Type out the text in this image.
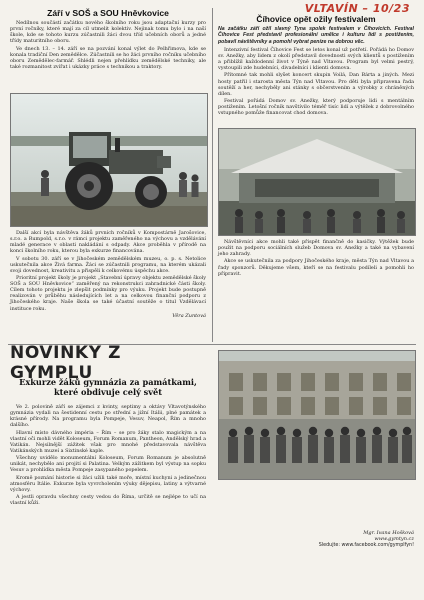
VLTAVÍN – 10/23
Září v SOŠ a SOU Hněvkovice

Nedílnou součástí začátku nového školního roku jsou adaptační kurzy pro první ročníky, které mají za cíl utmelit kolektiv. Nejinak tomu bylo i na naší škole, kde se tohoto kurzu zúčastnili žáci dvou tříd učebních oborů a jedné třídy maturitního oboru.

Ve dnech 13. – 14. září se na pozvání konal výlet do Pelhřimova, kde se konala tradiční Den zemědělce. Zúčastnili se ho žáci prvního ročníku učebního oboru Zemědělec-farmář. Shlédli nejen přehlídku zemědělské techniky, ale také rozmanitost zvířat i ukázky práce s technikou a traktory.

Další akcí byla návštěva žáků prvních ročníků v Kompostárně Jarošovice, s.r.o. a Rumpold, s.r.o. v rámci projektu zaměřeného na výchovu a vzdělávání mladé generace v oblasti nakládání s odpady. Akce proběhla v přírodě na konci školního roku, kterou byla exkurze financována.

V sobotu 30. září se v Jihočeském zemědělském muzeu, o. p. s. Netolice uskutečnila akce Živá farma. Žáci se zúčastnili programu, na kterém ukázali svoji dovednost, kreativitu a přispěli k celkovému úspěchu akce.

Prioritní projekt školy je projekt „Stavební úpravy objektu zemědělské školy SOŠ a SOU Hněvkovice“ zaměřený na rekonstrukci zahradnické části školy. Cílem tohoto projektu je zlepšit podmínky pro výuku. Projekt bude postupně realizován v průběhu následujících let a na celkovou finanční podporu z Jihočeského kraje. Naše škola se také účastní soutěže o titul Vzdělávací instituce roku.

Věra Zuntová
Číhovice opět ožily festivalem
Na začátku září ožil slavný Tyna spolek festivalem v Číhovicích. Festival Číhovice Fest představil profesionální umělce i kulturu lidí s postižením, pobavil návštěvníky a pomohl vybrat peníze na dobrou věc.

Intenzivní festival Číhovice Fest se letos konal už potřetí. Pořádá ho Domov sv. Anežky, aby lidem z okolí představil dovednosti svých klientů s postižením a přiblížil každodenní život v Týně nad Vltavou. Program byl velmi pestrý, vystoupili zde hudebníci, divadelníci i klienti domova.

Přítomné tak mohli slyšet koncert skupin Voilá, Dan Bárta a jiných. Mezi hosty patřil i starosta města Týn nad Vltavou. Pro děti byla připravena řada soutěží a her, nechyběly ani stánky s občerstvením a výrobky z chráněných dílen.

Festival pořádá Domov sv. Anežky, který podporuje lidi s mentálním postižením. Letošní ročník navštívilo téměř tisíc lidí a výtěžek z dobrovolného vstupného pomůže financovat chod domova.

Návštěvníci akce mohli také přispět finančně do kasičky. Výtěžek bude použit na podporu sociálních služeb Domova sv. Anežky a také na vybavení jeho zahrady.

Akce se uskutečnila za podpory Jihočeského kraje, města Týn nad Vltavou a řady sponzorů. Děkujeme všem, kteří se na festivalu podíleli a pomohli ho připravit.

NOVINKY Z GYMPLU
Exkurze žáků gymnázia za památkami, které obdivuje celý svět

Ve 2. polovině září se zájemci z kvinty, septimy a oktávy Vltavotýnského gymnázia vydali na šestidenní cestu po střední a jižní Itálii, plné památek a krásné přírody. Na programu byla Pompeje, Vesuv, Neapol, Řím a mnoho dalšího.

Hlavní místo dávného impéria – Řím – se pro žáky stalo magickým a na vlastní oči mohli vidět Koloseum, Forum Romanum, Pantheon, Andělský hrad a Vatikán. Nejsilnější zážitek však pro mnohé představovala návštěva Vatikánských muzeí a Sixtinské kaple.

Všechny uvidělo monumentální Koloseum, Forum Romanum je absolutně unikát, nechybělo ani projití si Palatina. Velkým zážitkem byl výstup na sopku Vesuv a prohlídka města Pompeje zasypaného popelem.

Kromě poznání historie si žáci užili také moře, místní kuchyni a jedinečnou atmosféru Itálie. Exkurze byla vyvrcholením výuky dějepisu, latiny a výtvarné výchovy.

A jestli opravdu všechny cesty vedou do Říma, určitě se nejlépe to učí na vlastní kůži.

Mgr. Ivana Hošková
www.gymtyn.cz
Sledujte: www.facebook.com/gymplfyn!
